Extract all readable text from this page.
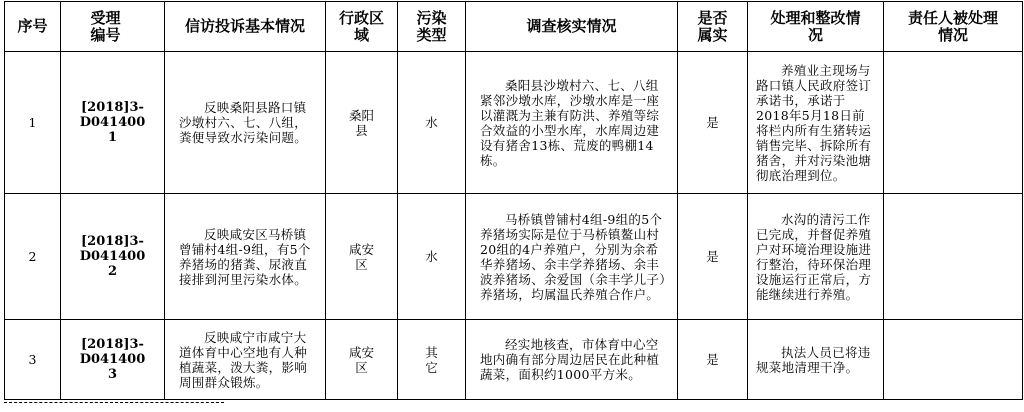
序号	受理编号	信访投诉基本情况	行政区域	污染类型	调查核实情况	是否属实	处理和整改情况	责任人被处理情况

1	[2018]3-D0414001	反映桑阳县路口镇沙墩村六、七、八组，粪便导致水污染问题。	桑阳县	水	桑阳县沙墩村六、七、八组紧邻沙墩水库，沙墩水库是一座以灌溉为主兼有防洪、养殖等综合效益的小型水库，水库周边建设有猪舍13栋、荒废的鸭棚14栋。	是	养殖业主现场与路口镇人民政府签订承诺书，承诺于2018年5月18日前将栏内所有生猪转运销售完毕、拆除所有猪舍，并对污染池塘彻底治理到位。	
2	[2018]3-D0414002	反映咸安区马桥镇曾铺村4组-9组，有5个养猪场的猪粪、尿液直接排到河里污染水体。	咸安区	水	马桥镇曾铺村4组-9组的5个养猪场实际是位于马桥镇鳌山村20组的4户养殖户，分别为余希华养猪场、余丰学养猪场、余丰波养猪场、余爱国（余丰学儿子）养猪场，均属温氏养殖合作户。	是	水沟的清污工作已完成，并督促养殖户对环境治理设施进行整治，待环保治理设施运行正常后，方能继续进行养殖。	
3	[2018]3-D0414003	反映咸宁市咸宁大道体育中心空地有人种植蔬菜，泼大粪，影响周围群众锻炼。	咸安区	其它	经实地核查，市体育中心空地内确有部分周边居民在此种植蔬菜，面积约1000平方米。	是	执法人员已将违规菜地清理干净。	
